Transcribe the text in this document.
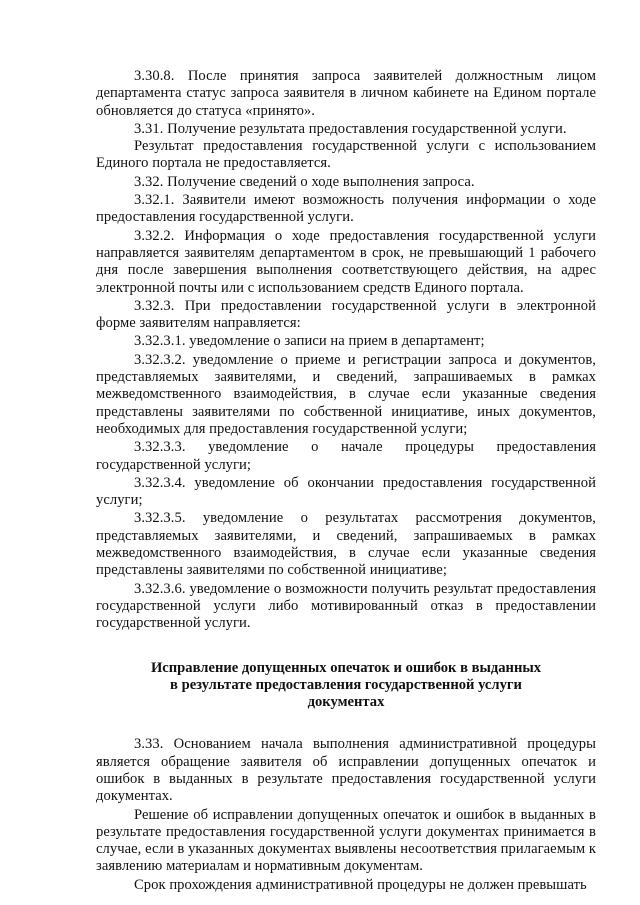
3.30.8. После принятия запроса заявителей должностным лицом департамента статус запроса заявителя в личном кабинете на Едином портале обновляется до статуса «принято».

3.31. Получение результата предоставления государственной услуги.

Результат предоставления государственной услуги с использованием Единого портала не предоставляется.

3.32. Получение сведений о ходе выполнения запроса.

3.32.1. Заявители имеют возможность получения информации о ходе предоставления государственной услуги.

3.32.2. Информация о ходе предоставления государственной услуги направляется заявителям департаментом в срок, не превышающий 1 рабочего дня после завершения выполнения соответствующего действия, на адрес электронной почты или с использованием средств Единого портала.

3.32.3. При предоставлении государственной услуги в электронной форме заявителям направляется:

3.32.3.1. уведомление о записи на прием в департамент;

3.32.3.2. уведомление о приеме и регистрации запроса и документов, представляемых заявителями, и сведений, запрашиваемых в рамках межведомственного взаимодействия, в случае если указанные сведения представлены заявителями по собственной инициативе, иных документов, необходимых для предоставления государственной услуги;

3.32.3.3. уведомление о начале процедуры предоставления государственной услуги;

3.32.3.4. уведомление об окончании предоставления государственной услуги;

3.32.3.5. уведомление о результатах рассмотрения документов, представляемых заявителями, и сведений, запрашиваемых в рамках межведомственного взаимодействия, в случае если указанные сведения представлены заявителями по собственной инициативе;

3.32.3.6. уведомление о возможности получить результат предоставления государственной услуги либо мотивированный отказ в предоставлении государственной услуги.

Исправление допущенных опечаток и ошибок в выданных
в результате предоставления государственной услуги
документах

3.33. Основанием начала выполнения административной процедуры является обращение заявителя об исправлении допущенных опечаток и ошибок в выданных в результате предоставления государственной услуги документах.

Решение об исправлении допущенных опечаток и ошибок в выданных в результате предоставления государственной услуги документах принимается в случае, если в указанных документах выявлены несоответствия прилагаемым к заявлению материалам и нормативным документам.

Срок прохождения административной процедуры не должен превышать
